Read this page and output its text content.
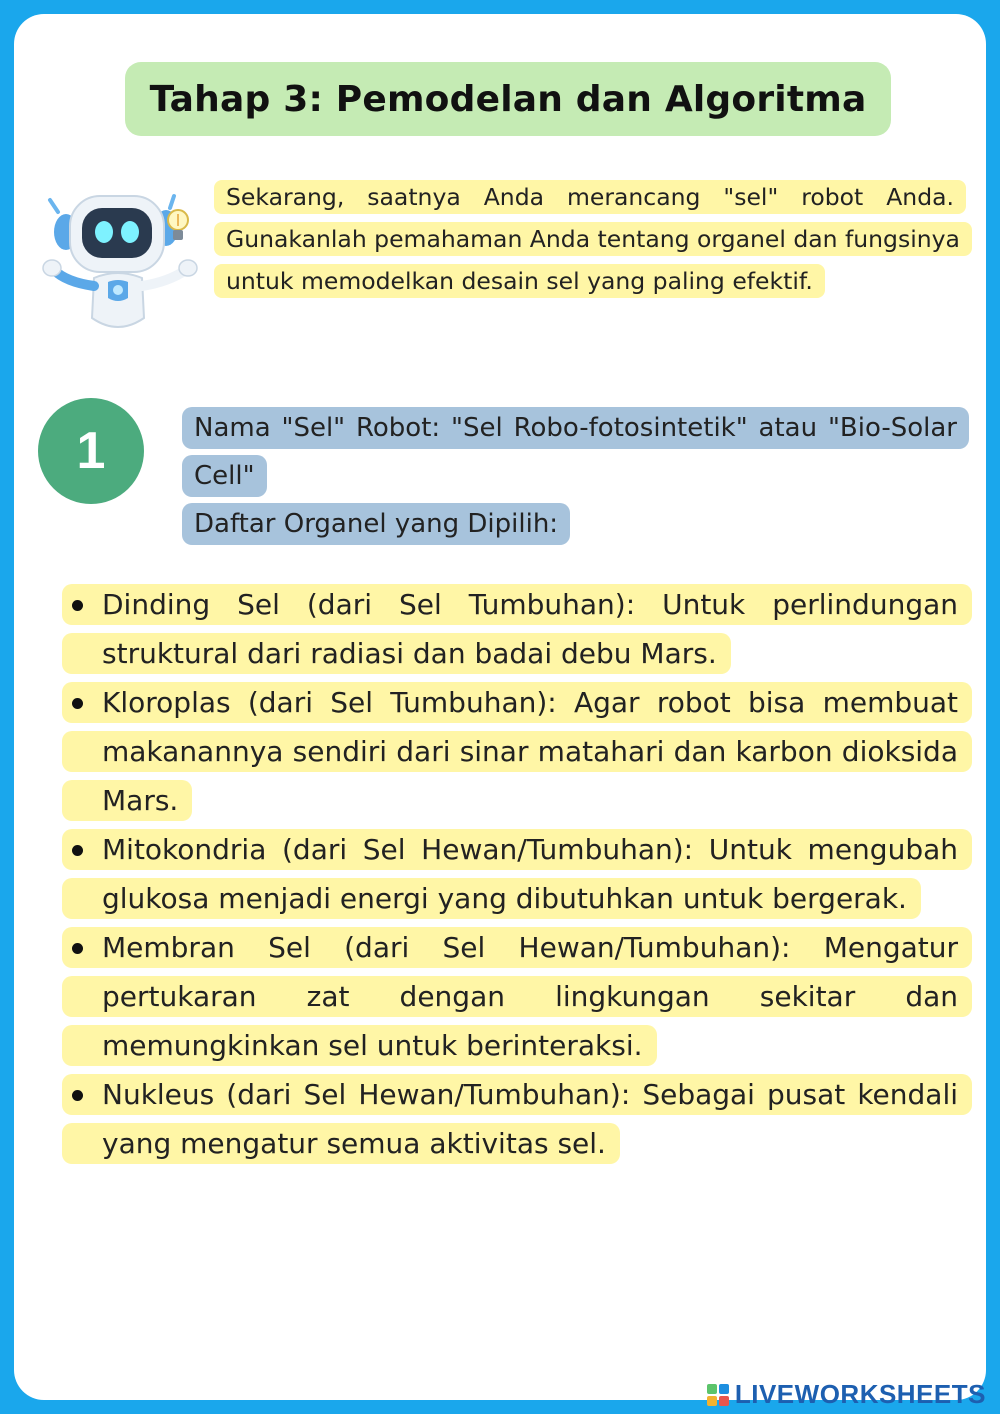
Tahap 3: Pemodelan dan Algoritma

Sekarang, saatnya Anda merancang "sel" robot Anda. Gunakanlah pemahaman Anda tentang organel dan fungsinya untuk memodelkan desain sel yang paling efektif.

1	Nama "Sel" Robot: "Sel Robo-fotosintetik" atau "Bio-Solar Cell"
Daftar Organel yang Dipilih:
Dinding Sel (dari Sel Tumbuhan): Untuk perlindungan struktural dari radiasi dan badai debu Mars.
Kloroplas (dari Sel Tumbuhan): Agar robot bisa membuat makanannya sendiri dari sinar matahari dan karbon dioksida Mars.
Mitokondria (dari Sel Hewan/Tumbuhan): Untuk mengubah glukosa menjadi energi yang dibutuhkan untuk bergerak.
Membran Sel (dari Sel Hewan/Tumbuhan): Mengatur pertukaran zat dengan lingkungan sekitar dan memungkinkan sel untuk berinteraksi.
Nukleus (dari Sel Hewan/Tumbuhan): Sebagai pusat kendali yang mengatur semua aktivitas sel.
LIVEWORKSHEETS
